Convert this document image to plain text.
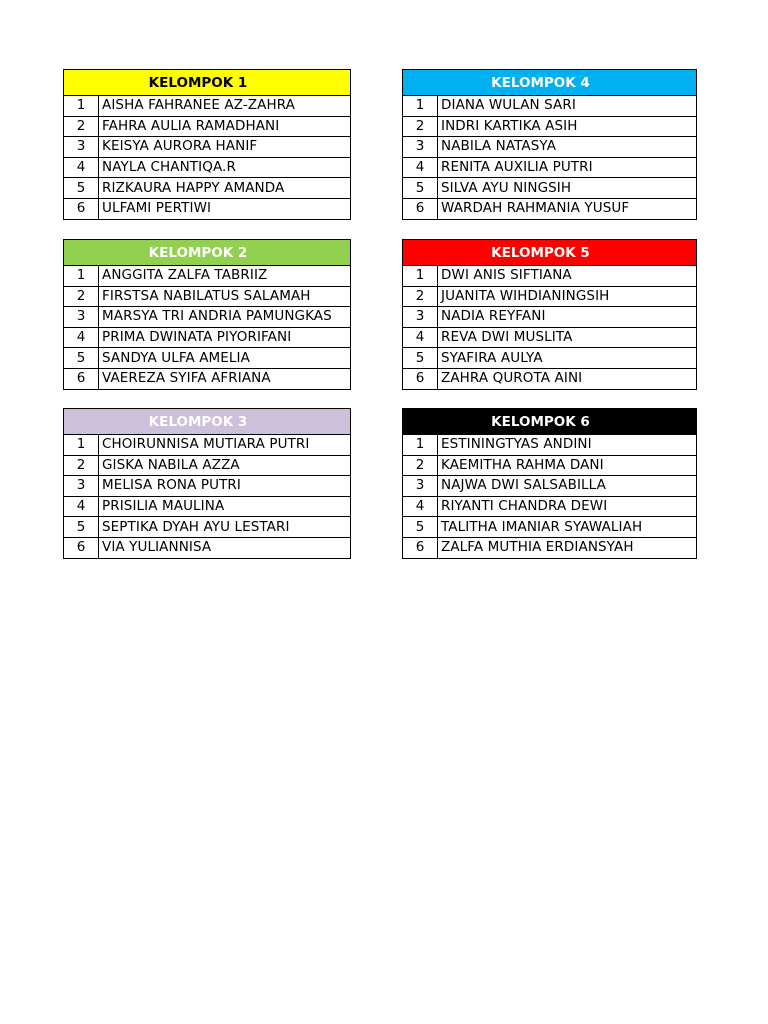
KELOMPOK 1	
1	AISHA FAHRANEE AZ-ZAHRA
2	FAHRA AULIA RAMADHANI
3	KEISYA AURORA HANIF
4	NAYLA CHANTIQA.R
5	RIZKAURA HAPPY AMANDA
6	ULFAMI PERTIWI
KELOMPOK 2	
1	ANGGITA ZALFA TABRIIZ
2	FIRSTSA NABILATUS SALAMAH
3	MARSYA TRI ANDRIA PAMUNGKAS
4	PRIMA DWINATA PIYORIFANI
5	SANDYA ULFA AMELIA
6	VAEREZA SYIFA AFRIANA
KELOMPOK 3	
1	CHOIRUNNISA MUTIARA PUTRI
2	GISKA NABILA AZZA
3	MELISA RONA PUTRI
4	PRISILIA MAULINA
5	SEPTIKA DYAH AYU LESTARI
6	VIA YULIANNISA
KELOMPOK 4	
1	DIANA WULAN SARI
2	INDRI KARTIKA ASIH
3	NABILA NATASYA
4	RENITA AUXILIA PUTRI
5	SILVA AYU NINGSIH
6	WARDAH RAHMANIA YUSUF
KELOMPOK 5	
1	DWI ANIS SIFTIANA
2	JUANITA WIHDIANINGSIH
3	NADIA REYFANI
4	REVA DWI MUSLITA
5	SYAFIRA AULYA
6	ZAHRA QUROTA AINI
KELOMPOK 6	
1	ESTININGTYAS ANDINI
2	KAEMITHA RAHMA DANI
3	NAJWA DWI SALSABILLA
4	RIYANTI CHANDRA DEWI
5	TALITHA IMANIAR SYAWALIAH
6	ZALFA MUTHIA ERDIANSYAH
